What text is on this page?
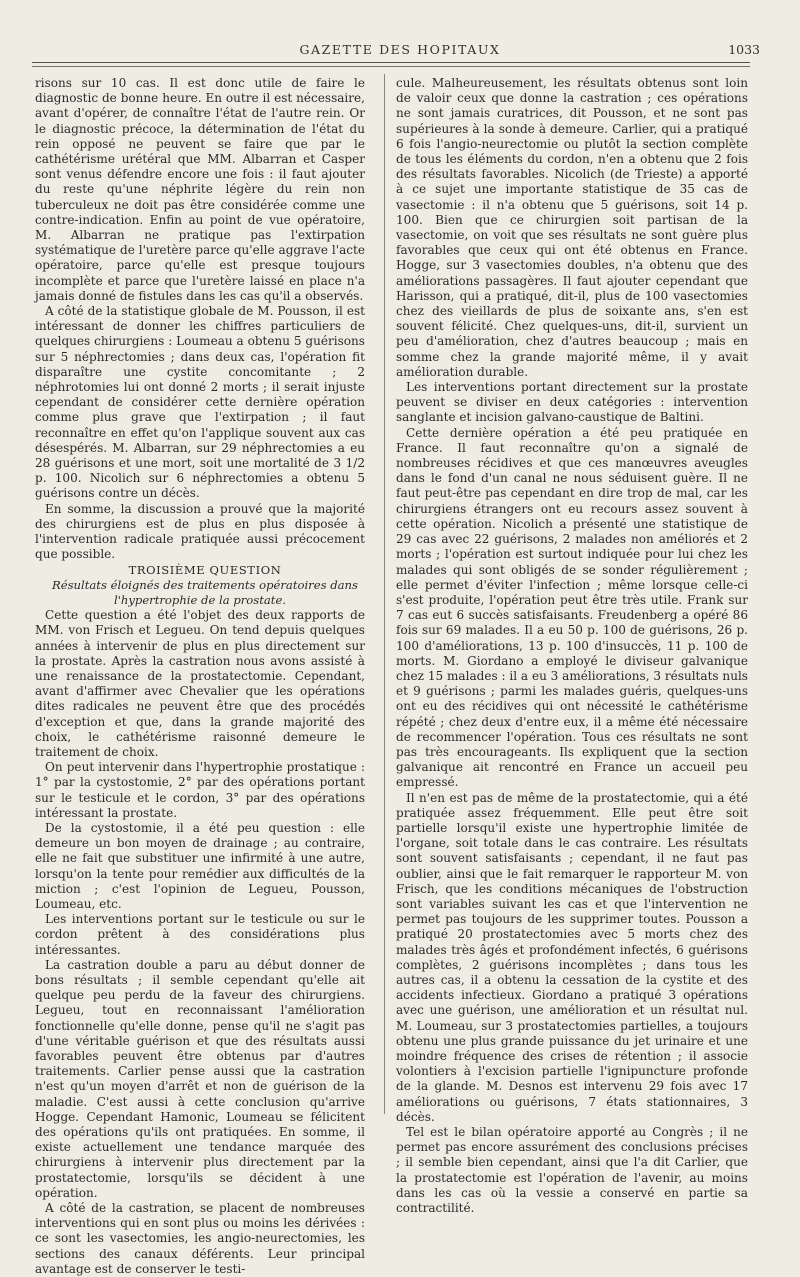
GAZETTE DES HOPITAUX	1033

risons sur 10 cas. Il est donc utile de faire le diagnostic de bonne heure. En outre il est nécessaire, avant d'opérer, de connaître l'état de l'autre rein. Or le diagnostic précoce, la détermination de l'état du rein opposé ne peuvent se faire que par le cathétérisme urétéral que MM. Albarran et Casper sont venus défendre encore une fois : il faut ajouter du reste qu'une néphrite légère du rein non tuberculeux ne doit pas être considérée comme une contre-indication. Enfin au point de vue opératoire, M. Albarran ne pratique pas l'extirpation systématique de l'uretère parce qu'elle aggrave l'acte opératoire, parce qu'elle est presque toujours incomplète et parce que l'uretère laissé en place n'a jamais donné de fistules dans les cas qu'il a observés.

A côté de la statistique globale de M. Pousson, il est intéressant de donner les chiffres particuliers de quelques chirurgiens : Loumeau a obtenu 5 guérisons sur 5 néphrectomies ; dans deux cas, l'opération fit disparaître une cystite concomitante ; 2 néphrotomies lui ont donné 2 morts ; il serait injuste cependant de considérer cette dernière opération comme plus grave que l'extirpation ; il faut reconnaître en effet qu'on l'applique souvent aux cas désespérés. M. Albarran, sur 29 néphrectomies a eu 28 guérisons et une mort, soit une mortalité de 3 1/2 p. 100. Nicolich sur 6 néphrectomies a obtenu 5 guérisons contre un décès.

En somme, la discussion a prouvé que la majorité des chirurgiens est de plus en plus disposée à l'intervention radicale pratiquée aussi précocement que possible.

TROISIÈME QUESTION

Résultats éloignés des traitements opératoires dans l'hypertrophie de la prostate.

Cette question a été l'objet des deux rapports de MM. von Frisch et Legueu. On tend depuis quelques années à intervenir de plus en plus directement sur la prostate. Après la castration nous avons assisté à une renaissance de la prostatectomie. Cependant, avant d'affirmer avec Chevalier que les opérations dites radicales ne peuvent être que des procédés d'exception et que, dans la grande majorité des choix, le cathétérisme raisonné demeure le traitement de choix.

On peut intervenir dans l'hypertrophie prostatique : 1° par la cystostomie, 2° par des opérations portant sur le testicule et le cordon, 3° par des opérations intéressant la prostate.

De la cystostomie, il a été peu question : elle demeure un bon moyen de drainage ; au contraire, elle ne fait que substituer une infirmité à une autre, lorsqu'on la tente pour remédier aux difficultés de la miction ; c'est l'opinion de Legueu, Pousson, Loumeau, etc.

Les interventions portant sur le testicule ou sur le cordon prêtent à des considérations plus intéressantes.

La castration double a paru au début donner de bons résultats ; il semble cependant qu'elle ait quelque peu perdu de la faveur des chirurgiens. Legueu, tout en reconnaissant l'amélioration fonctionnelle qu'elle donne, pense qu'il ne s'agit pas d'une véritable guérison et que des résultats aussi favorables peuvent être obtenus par d'autres traitements. Carlier pense aussi que la castration n'est qu'un moyen d'arrêt et non de guérison de la maladie. C'est aussi à cette conclusion qu'arrive Hogge. Cependant Hamonic, Loumeau se félicitent des opérations qu'ils ont pratiquées. En somme, il existe actuellement une tendance marquée des chirurgiens à intervenir plus directement par la prostatectomie, lorsqu'ils se décident à une opération.

A côté de la castration, se placent de nombreuses interventions qui en sont plus ou moins les dérivées : ce sont les vasectomies, les angio-neurectomies, les sections des canaux déférents. Leur principal avantage est de conserver le testi-

cule. Malheureusement, les résultats obtenus sont loin de valoir ceux que donne la castration ; ces opérations ne sont jamais curatrices, dit Pousson, et ne sont pas supérieures à la sonde à demeure. Carlier, qui a pratiqué 6 fois l'angio-neurectomie ou plutôt la section complète de tous les éléments du cordon, n'en a obtenu que 2 fois des résultats favorables. Nicolich (de Trieste) a apporté à ce sujet une importante statistique de 35 cas de vasectomie : il n'a obtenu que 5 guérisons, soit 14 p. 100. Bien que ce chirurgien soit partisan de la vasectomie, on voit que ses résultats ne sont guère plus favorables que ceux qui ont été obtenus en France. Hogge, sur 3 vasectomies doubles, n'a obtenu que des améliorations passagères. Il faut ajouter cependant que Harisson, qui a pratiqué, dit-il, plus de 100 vasectomies chez des vieillards de plus de soixante ans, s'en est souvent félicité. Chez quelques-uns, dit-il, survient un peu d'amélioration, chez d'autres beaucoup ; mais en somme chez la grande majorité même, il y avait amélioration durable.

Les interventions portant directement sur la prostate peuvent se diviser en deux catégories : intervention sanglante et incision galvano-caustique de Baltini.

Cette dernière opération a été peu pratiquée en France. Il faut reconnaître qu'on a signalé de nombreuses récidives et que ces manœuvres aveugles dans le fond d'un canal ne nous séduisent guère. Il ne faut peut-être pas cependant en dire trop de mal, car les chirurgiens étrangers ont eu recours assez souvent à cette opération. Nicolich a présenté une statistique de 29 cas avec 22 guérisons, 2 malades non améliorés et 2 morts ; l'opération est surtout indiquée pour lui chez les malades qui sont obligés de se sonder régulièrement ; elle permet d'éviter l'infection ; même lorsque celle-ci s'est produite, l'opération peut être très utile. Frank sur 7 cas eut 6 succès satisfaisants. Freudenberg a opéré 86 fois sur 69 malades. Il a eu 50 p. 100 de guérisons, 26 p. 100 d'améliorations, 13 p. 100 d'insuccès, 11 p. 100 de morts. M. Giordano a employé le diviseur galvanique chez 15 malades : il a eu 3 améliorations, 3 résultats nuls et 9 guérisons ; parmi les malades guéris, quelques-uns ont eu des récidives qui ont nécessité le cathétérisme répété ; chez deux d'entre eux, il a même été nécessaire de recommencer l'opération. Tous ces résultats ne sont pas très encourageants. Ils expliquent que la section galvanique ait rencontré en France un accueil peu empressé.

Il n'en est pas de même de la prostatectomie, qui a été pratiquée assez fréquemment. Elle peut être soit partielle lorsqu'il existe une hypertrophie limitée de l'organe, soit totale dans le cas contraire. Les résultats sont souvent satisfaisants ; cependant, il ne faut pas oublier, ainsi que le fait remarquer le rapporteur M. von Frisch, que les conditions mécaniques de l'obstruction sont variables suivant les cas et que l'intervention ne permet pas toujours de les supprimer toutes. Pousson a pratiqué 20 prostatectomies avec 5 morts chez des malades très âgés et profondément infectés, 6 guérisons complètes, 2 guérisons incomplètes ; dans tous les autres cas, il a obtenu la cessation de la cystite et des accidents infectieux. Giordano a pratiqué 3 opérations avec une guérison, une amélioration et un résultat nul. M. Loumeau, sur 3 prostatectomies partielles, a toujours obtenu une plus grande puissance du jet urinaire et une moindre fréquence des crises de rétention ; il associe volontiers à l'excision partielle l'ignipuncture profonde de la glande. M. Desnos est intervenu 29 fois avec 17 améliorations ou guérisons, 7 états stationnaires, 3 décès.

Tel est le bilan opératoire apporté au Congrès ; il ne permet pas encore assurément des conclusions précises ; il semble bien cependant, ainsi que l'a dit Carlier, que la prostatectomie est l'opération de l'avenir, au moins dans les cas où la vessie a conservé en partie sa contractilité.
